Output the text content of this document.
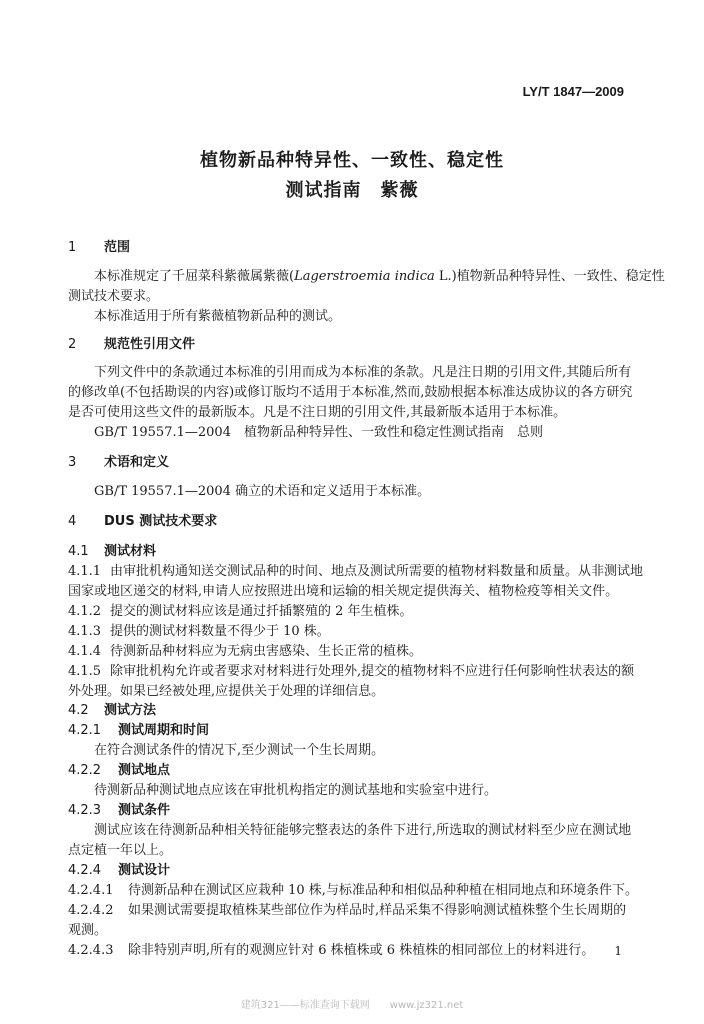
LY/T 1847—2009
植物新品种特异性、一致性、稳定性
测试指南　紫薇
1 范围
本标准规定了千屈菜科紫薇属紫薇(Lagerstroemia indica L.)植物新品种特异性、一致性、稳定性
测试技术要求。
本标准适用于所有紫薇植物新品种的测试。
2 规范性引用文件
下列文件中的条款通过本标准的引用而成为本标准的条款。凡是注日期的引用文件,其随后所有
的修改单(不包括勘误的内容)或修订版均不适用于本标准,然而,鼓励根据本标准达成协议的各方研究
是否可使用这些文件的最新版本。凡是不注日期的引用文件,其最新版本适用于本标准。
GB/T 19557.1—2004　植物新品种特异性、一致性和稳定性测试指南　总则
3 术语和定义
GB/T 19557.1—2004 确立的术语和定义适用于本标准。
4 DUS 测试技术要求
4.1 测试材料
4.1.1 由审批机构通知送交测试品种的时间、地点及测试所需要的植物材料数量和质量。从非测试地
国家或地区递交的材料,申请人应按照进出境和运输的相关规定提供海关、植物检疫等相关文件。
4.1.2 提交的测试材料应该是通过扦插繁殖的 2 年生植株。
4.1.3 提供的测试材料数量不得少于 10 株。
4.1.4 待测新品种材料应为无病虫害感染、生长正常的植株。
4.1.5 除审批机构允许或者要求对材料进行处理外,提交的植物材料不应进行任何影响性状表达的额
外处理。如果已经被处理,应提供关于处理的详细信息。
4.2 测试方法
4.2.1 测试周期和时间
在符合测试条件的情况下,至少测试一个生长周期。
4.2.2 测试地点
待测新品种测试地点应该在审批机构指定的测试基地和实验室中进行。
4.2.3 测试条件
测试应该在待测新品种相关特征能够完整表达的条件下进行,所选取的测试材料至少应在测试地
点定植一年以上。
4.2.4 测试设计
4.2.4.1 待测新品种在测试区应栽种 10 株,与标准品种和相似品种种植在相同地点和环境条件下。
4.2.4.2 如果测试需要提取植株某些部位作为样品时,样品采集不得影响测试植株整个生长周期的
观测。
4.2.4.3 除非特别声明,所有的观测应针对 6 株植株或 6 株植株的相同部位上的材料进行。 1
建筑321——标准查询下载网　　www.jz321.net
